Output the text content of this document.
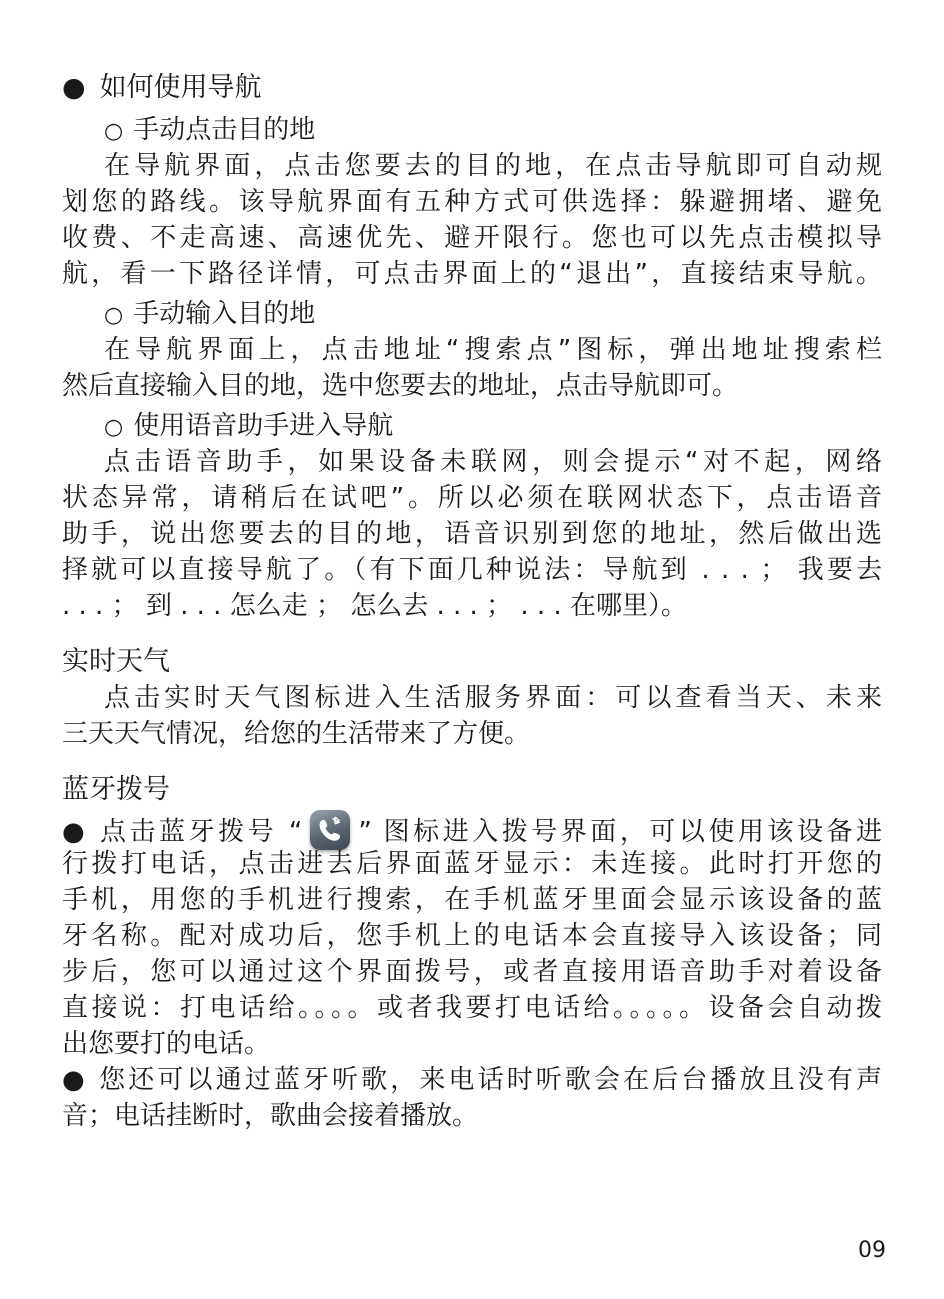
● 如何使用导航
○ 手动点击目的地
在导航界面，点击您要去的目的地，在点击导航即可自动规
划您的路线。该导航界面有五种方式可供选择：躲避拥堵、避免
收费、不走高速、高速优先、避开限行。您也可以先点击模拟导
航，看一下路径详情，可点击界面上的“退出”，直接结束导航。
○ 手动输入目的地
在导航界面上，点击地址“搜索点”图标，弹出地址搜索栏
然后直接输入目的地，选中您要去的地址，点击导航即可。
○ 使用语音助手进入导航
点击语音助手，如果设备未联网，则会提示“对不起，网络
状态异常，请稍后在试吧”。所以必须在联网状态下，点击语音
助手，说出您要去的目的地，语音识别到您的地址，然后做出选
择就可以直接导航了。（有下面几种说法：导航到 . . . ； 我要去
. . . ； 到 . . . 怎么走 ； 怎么去 . . . ； . . . 在哪里）。
实时天气
点击实时天气图标进入生活服务界面：可以查看当天、未来
三天天气情况，给您的生活带来了方便。
蓝牙拨号
● 点击蓝牙拨号 “ ” 图标进入拨号界面，可以使用该设备进
行拨打电话，点击进去后界面蓝牙显示：未连接。此时打开您的
手机，用您的手机进行搜索，在手机蓝牙里面会显示该设备的蓝
牙名称。配对成功后，您手机上的电话本会直接导入该设备；同
步后，您可以通过这个界面拨号，或者直接用语音助手对着设备
直接说：打电话给。。。。或者我要打电话给。。。。。设备会自动拨
出您要打的电话。
● 您还可以通过蓝牙听歌，来电话时听歌会在后台播放且没有声
音；电话挂断时，歌曲会接着播放。
09
